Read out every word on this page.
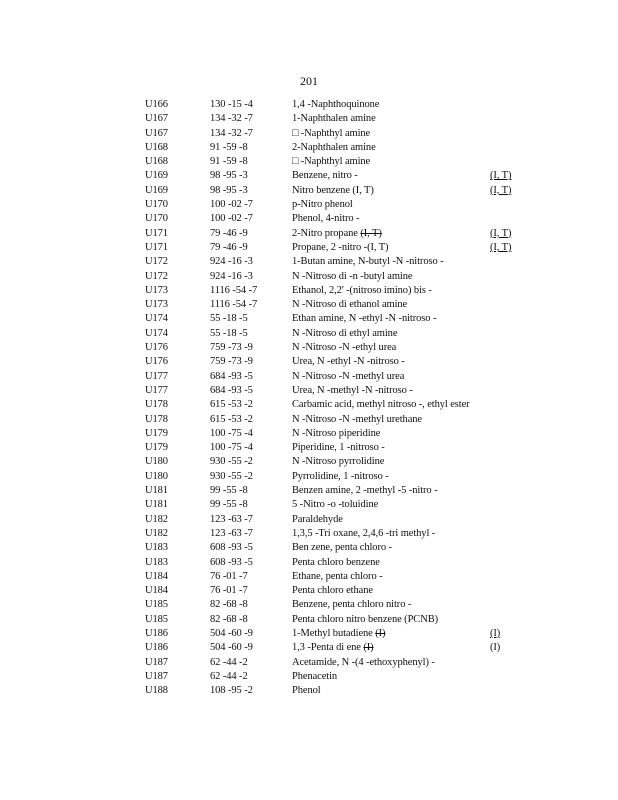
201
U166	130 -15 -4	1,4 -Naphthoquinone
U167	134 -32 -7	1-Naphthalen amine
U167	134 -32 -7	□ -Naphthyl amine
U168	91 -59 -8	2-Naphthalen amine
U168	91 -59 -8	□ -Naphthyl amine
U169	98 -95 -3	Benzene, nitro -	(I, T)
U169	98 -95 -3	Nitro benzene (I, T)	(I, T)
U170	100 -02 -7	p-Nitro phenol
U170	100 -02 -7	Phenol, 4-nitro -
U171	79 -46 -9	2-Nitro propane (I, T)	(I, T)
U171	79 -46 -9	Propane, 2 -nitro -(I, T)	(I, T)
U172	924 -16 -3	1-Butan amine, N-butyl -N -nitroso -
U172	924 -16 -3	N -Nitroso di -n -butyl amine
U173	1116 -54 -7	Ethanol, 2,2' -(nitroso imino) bis -
U173	1116 -54 -7	N -Nitroso di ethanol amine
U174	55 -18 -5	Ethan amine, N -ethyl -N -nitroso -
U174	55 -18 -5	N -Nitroso di ethyl amine
U176	759 -73 -9	N -Nitroso -N -ethyl urea
U176	759 -73 -9	Urea, N -ethyl -N -nitroso -
U177	684 -93 -5	N -Nitroso -N -methyl urea
U177	684 -93 -5	Urea, N -methyl -N -nitroso -
U178	615 -53 -2	Carbamic acid, methyl nitroso -, ethyl ester
U178	615 -53 -2	N -Nitroso -N -methyl urethane
U179	100 -75 -4	N -Nitroso piperidine
U179	100 -75 -4	Piperidine, 1 -nitroso -
U180	930 -55 -2	N -Nitroso pyrrolidine
U180	930 -55 -2	Pyrrolidine, 1 -nitroso -
U181	99 -55 -8	Benzen amine, 2 -methyl -5 -nitro -
U181	99 -55 -8	5 -Nitro -o -toluidine
U182	123 -63 -7	Paraldehyde
U182	123 -63 -7	1,3,5 -Tri oxane, 2,4,6 -tri methyl -
U183	608 -93 -5	Ben zene, penta chloro -
U183	608 -93 -5	Penta chloro benzene
U184	76 -01 -7	Ethane, penta chloro -
U184	76 -01 -7	Penta chloro ethane
U185	82 -68 -8	Benzene, penta chloro nitro -
U185	82 -68 -8	Penta chloro nitro benzene (PCNB)
U186	504 -60 -9	1-Methyl butadiene (I)	(I)
U186	504 -60 -9	1,3 -Penta di ene (I)	(I)
U187	62 -44 -2	Acetamide, N -(4 -ethoxyphenyl) -
U187	62 -44 -2	Phenacetin
U188	108 -95 -2	Phenol
